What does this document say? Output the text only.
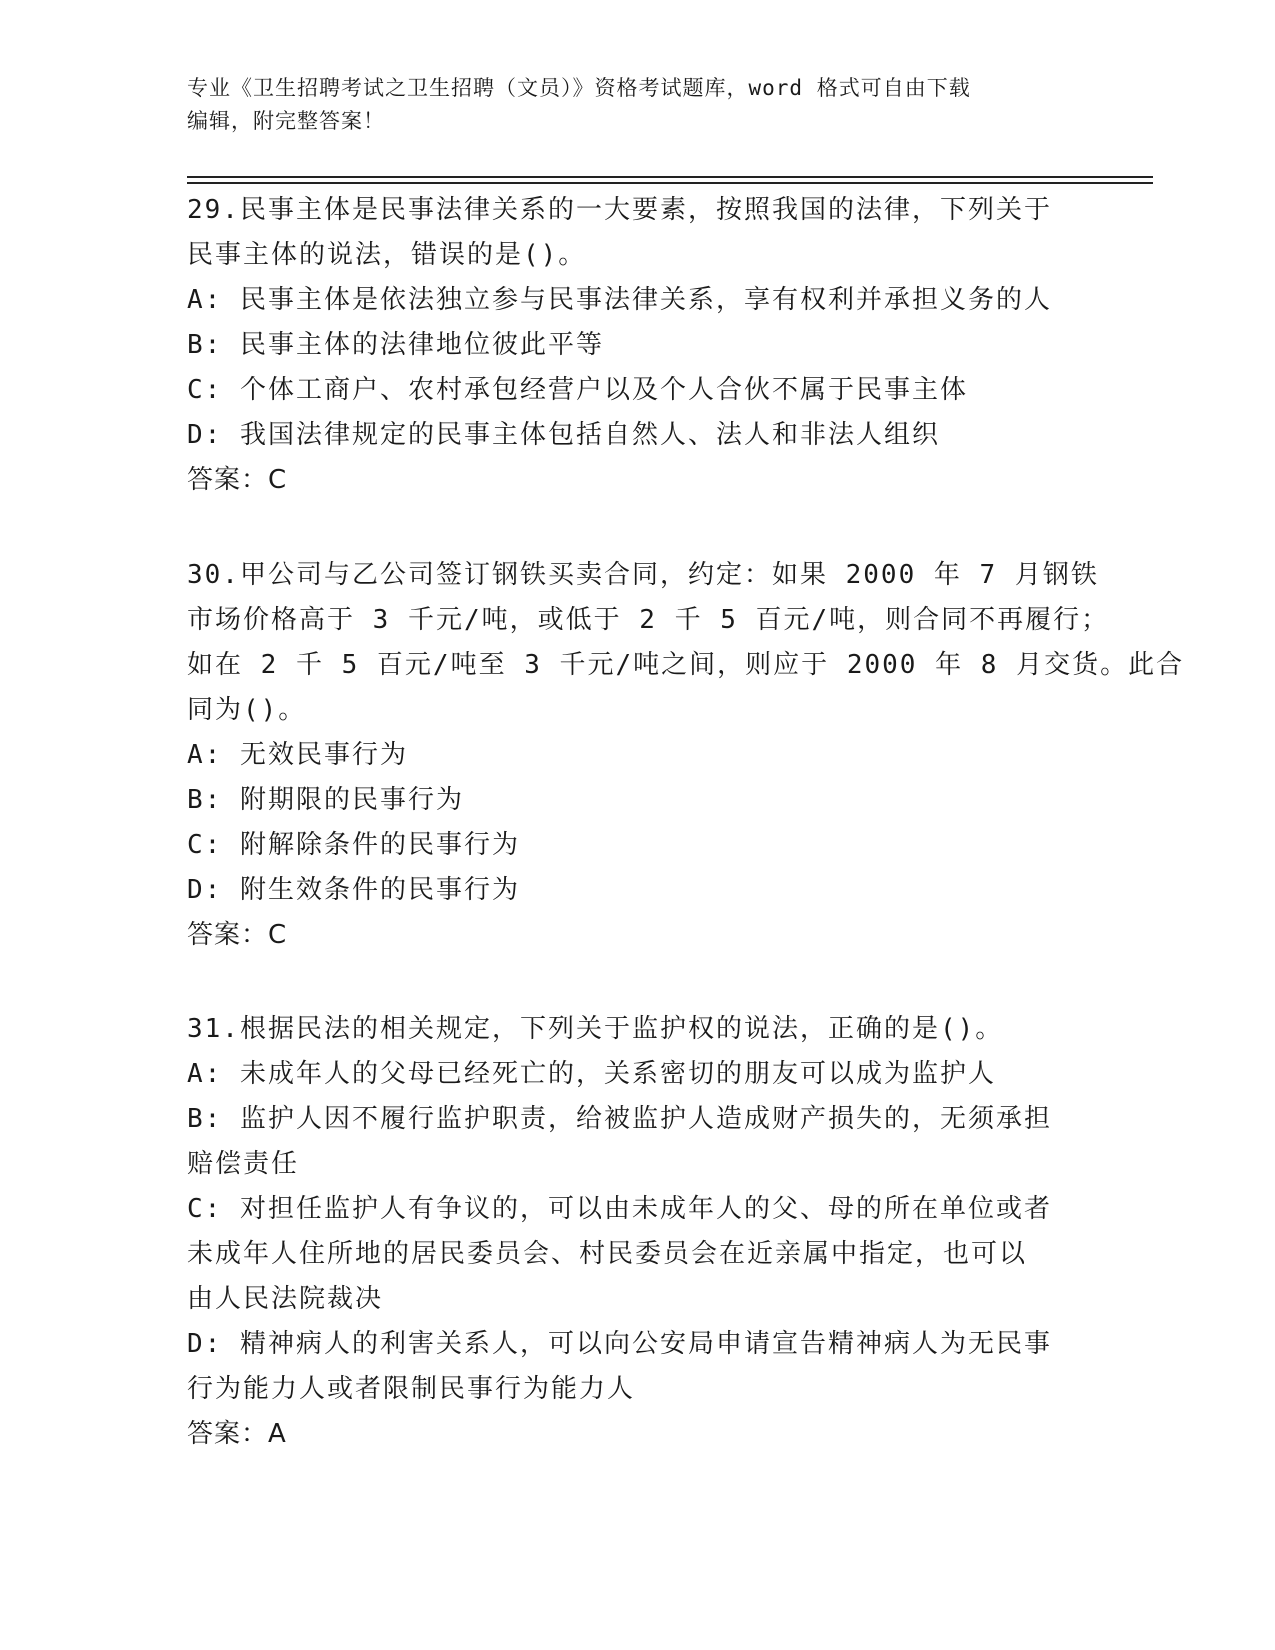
专业《卫生招聘考试之卫生招聘（文员）》资格考试题库，word 格式可自由下载
编辑，附完整答案！
29.民事主体是民事法律关系的一大要素，按照我国的法律，下列关于
民事主体的说法，错误的是()。
A: 民事主体是依法独立参与民事法律关系，享有权利并承担义务的人
B: 民事主体的法律地位彼此平等
C: 个体工商户、农村承包经营户以及个人合伙不属于民事主体
D: 我国法律规定的民事主体包括自然人、法人和非法人组织
答案：C
30.甲公司与乙公司签订钢铁买卖合同，约定：如果 2000 年 7 月钢铁
市场价格高于 3 千元/吨，或低于 2 千 5 百元/吨，则合同不再履行；
如在 2 千 5 百元/吨至 3 千元/吨之间，则应于 2000 年 8 月交货。此合
同为()。
A: 无效民事行为
B: 附期限的民事行为
C: 附解除条件的民事行为
D: 附生效条件的民事行为
答案：C
31.根据民法的相关规定，下列关于监护权的说法，正确的是()。
A: 未成年人的父母已经死亡的，关系密切的朋友可以成为监护人
B: 监护人因不履行监护职责，给被监护人造成财产损失的，无须承担
赔偿责任
C: 对担任监护人有争议的，可以由未成年人的父、母的所在单位或者
未成年人住所地的居民委员会、村民委员会在近亲属中指定，也可以
由人民法院裁决
D: 精神病人的利害关系人，可以向公安局申请宣告精神病人为无民事
行为能力人或者限制民事行为能力人
答案：A
